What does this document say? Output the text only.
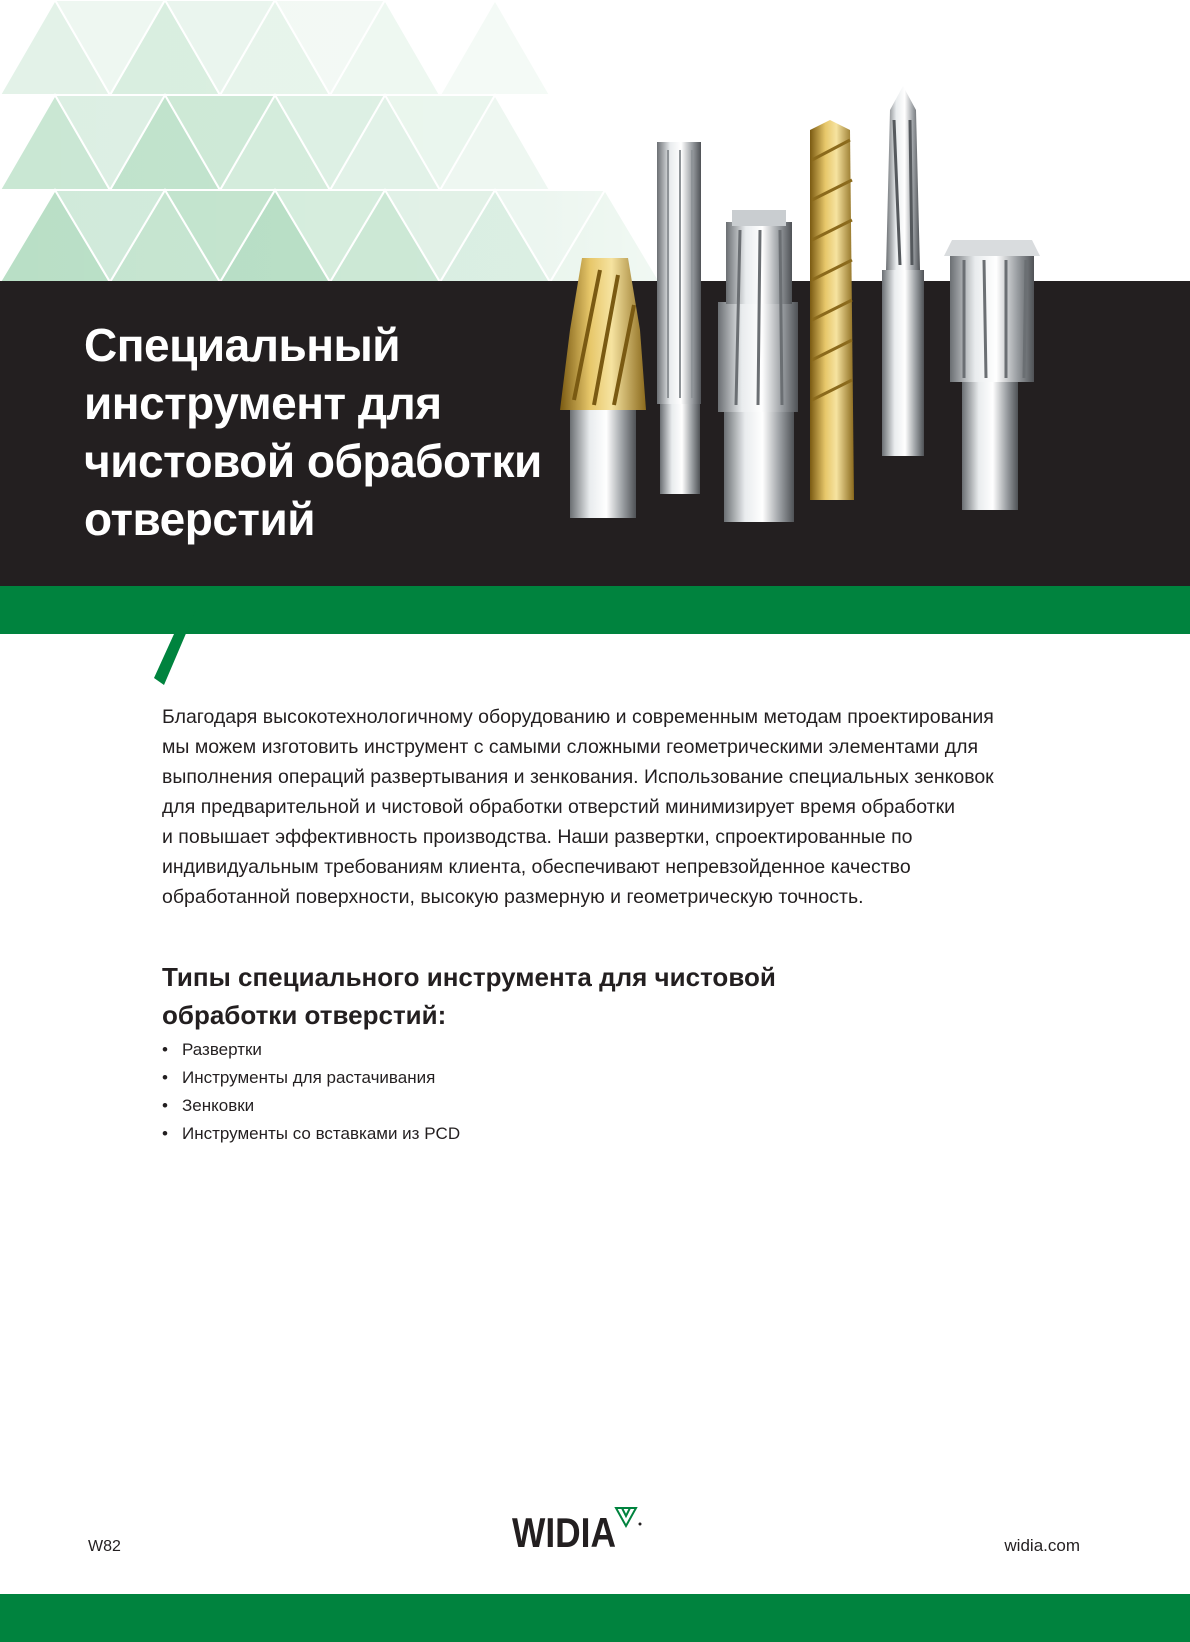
Специальный
инструмент для
чистовой обработки
отверстий

Благодаря высокотехнологичному оборудованию и современным методам проектирования
мы можем изготовить инструмент с самыми сложными геометрическими элементами для
выполнения операций развертывания и зенкования. Использование специальных зенковок
для предварительной и чистовой обработки отверстий минимизирует время обработки
и повышает эффективность производства. Наши развертки, спроектированные по
индивидуальным требованиям клиента, обеспечивают непревзойденное качество
обработанной поверхности, высокую размерную и геометрическую точность.

Типы специального инструмента для чистовой
обработки отверстий:
• Развертки
• Инструменты для растачивания
• Зенковки
• Инструменты со вставками из PCD
W82	WIDIA	widia.com
